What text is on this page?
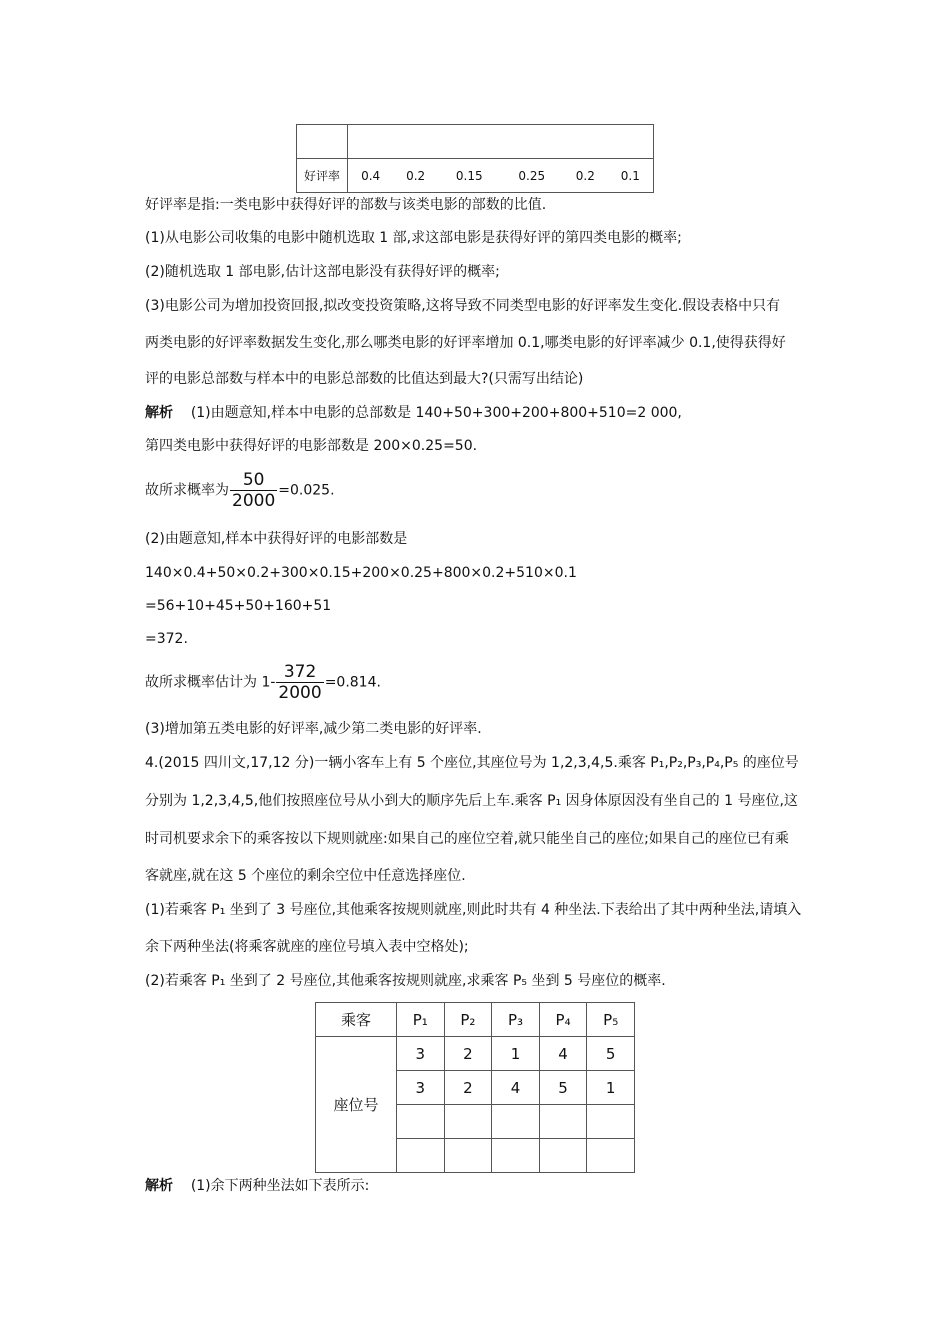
好评率	0.4	0.2	0.15	0.25	0.2	0.1
好评率是指:一类电影中获得好评的部数与该类电影的部数的比值.
(1)从电影公司收集的电影中随机选取 1 部,求这部电影是获得好评的第四类电影的概率;
(2)随机选取 1 部电影,估计这部电影没有获得好评的概率;
(3)电影公司为增加投资回报,拟改变投资策略,这将导致不同类型电影的好评率发生变化.假设表格中只有
两类电影的好评率数据发生变化,那么哪类电影的好评率增加 0.1,哪类电影的好评率减少 0.1,使得获得好
评的电影总部数与样本中的电影总部数的比值达到最大?(只需写出结论)
解析 (1)由题意知,样本中电影的总部数是 140+50+300+200+800+510=2 000,
第四类电影中获得好评的电影部数是 200×0.25=50.
故所求概率为 $\frac{50}{2000} =0.025$.
(2)由题意知,样本中获得好评的电影部数是
140×0.4+50×0.2+300×0.15+200×0.25+800×0.2+510×0.1
=56+10+45+50+160+51
=372.
故所求概率估计为 $1- \frac{372}{2000} =0.814$.
(3)增加第五类电影的好评率,减少第二类电影的好评率.
4.(2015 四川文,17,12 分)一辆小客车上有 5 个座位,其座位号为 1,2,3,4,5.乘客 P₁,P₂,P₃,P₄,P₅ 的座位号
分别为 1,2,3,4,5,他们按照座位号从小到大的顺序先后上车.乘客 P₁ 因身体原因没有坐自己的 1 号座位,这
时司机要求余下的乘客按以下规则就座:如果自己的座位空着,就只能坐自己的座位;如果自己的座位已有乘
客就座,就在这 5 个座位的剩余空位中任意选择座位.
(1)若乘客 P₁ 坐到了 3 号座位,其他乘客按规则就座,则此时共有 4 种坐法.下表给出了其中两种坐法,请填入
余下两种坐法(将乘客就座的座位号填入表中空格处);
(2)若乘客 P₁ 坐到了 2 号座位,其他乘客按规则就座,求乘客 P₅ 坐到 5 号座位的概率.
乘客	P₁	P₂	P₃	P₄	P₅
座位号	3	2	1	4	5
	3	2	4	5	1

解析 (1)余下两种坐法如下表所示:
